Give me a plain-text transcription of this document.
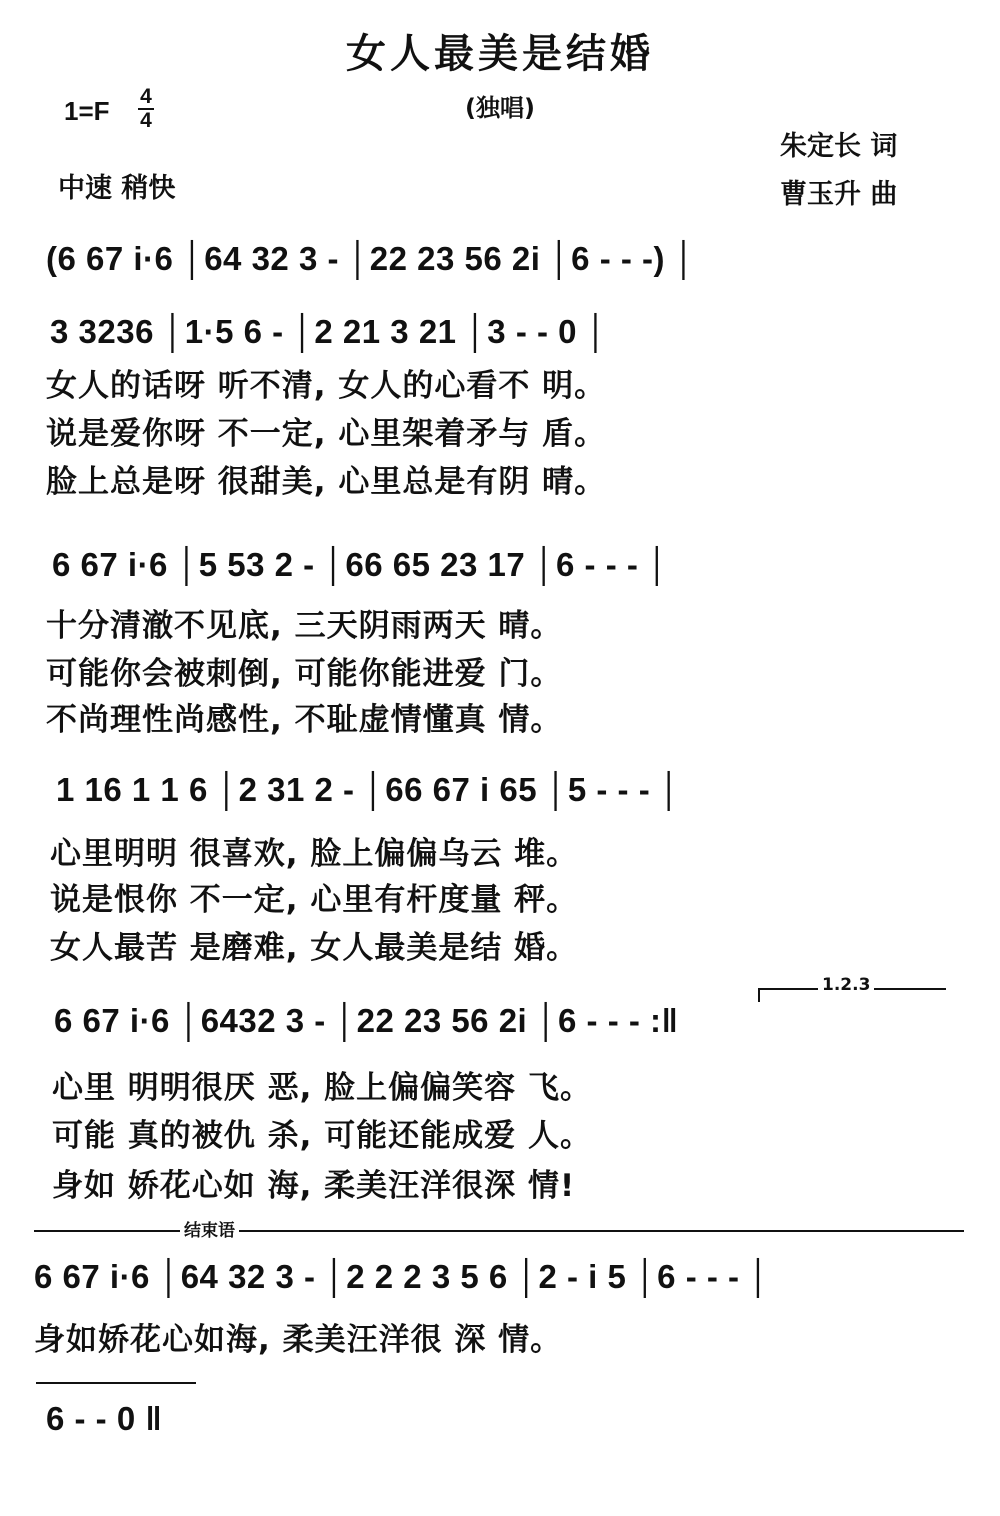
女人最美是结婚
(独唱)
1=F 4
4
中速 稍快
朱定长 词
曹玉升 曲
(6 67 i·6 │64 32 3 - │22 23 56 2i │6 - - -) │
3 3236 │1·5 6 - │2 21 3 21 │3 - - 0 │
女人的话呀 听不清, 女人的心看不 明。
说是爱你呀 不一定, 心里架着矛与 盾。
脸上总是呀 很甜美, 心里总是有阴 晴。
6 67 i·6 │5 53 2 - │66 65 23 17 │6 - - - │
十分清澈不见底, 三天阴雨两天 晴。
可能你会被刺倒, 可能你能进爱 门。
不尚理性尚感性, 不耻虚情懂真 情。
1 16 1 1 6 │2 31 2 - │66 67 i 65 │5 - - - │
心里明明 很喜欢, 脸上偏偏乌云 堆。
说是恨你 不一定, 心里有杆度量 秤。
女人最苦 是磨难, 女人最美是结 婚。
1.2.3
6 67 i·6 │6432 3 - │22 23 56 2i │6 - - - :‖
心里 明明很厌 恶, 脸上偏偏笑容 飞。
可能 真的被仇 杀, 可能还能成爱 人。
身如 娇花心如 海, 柔美汪洋很深 情!
结束语
6 67 i·6 │64 32 3 - │2 2 2 3 5 6 │2 - i 5 │6 - - - │
身如娇花心如海, 柔美汪洋很 深 情。
6 - - 0 ‖
